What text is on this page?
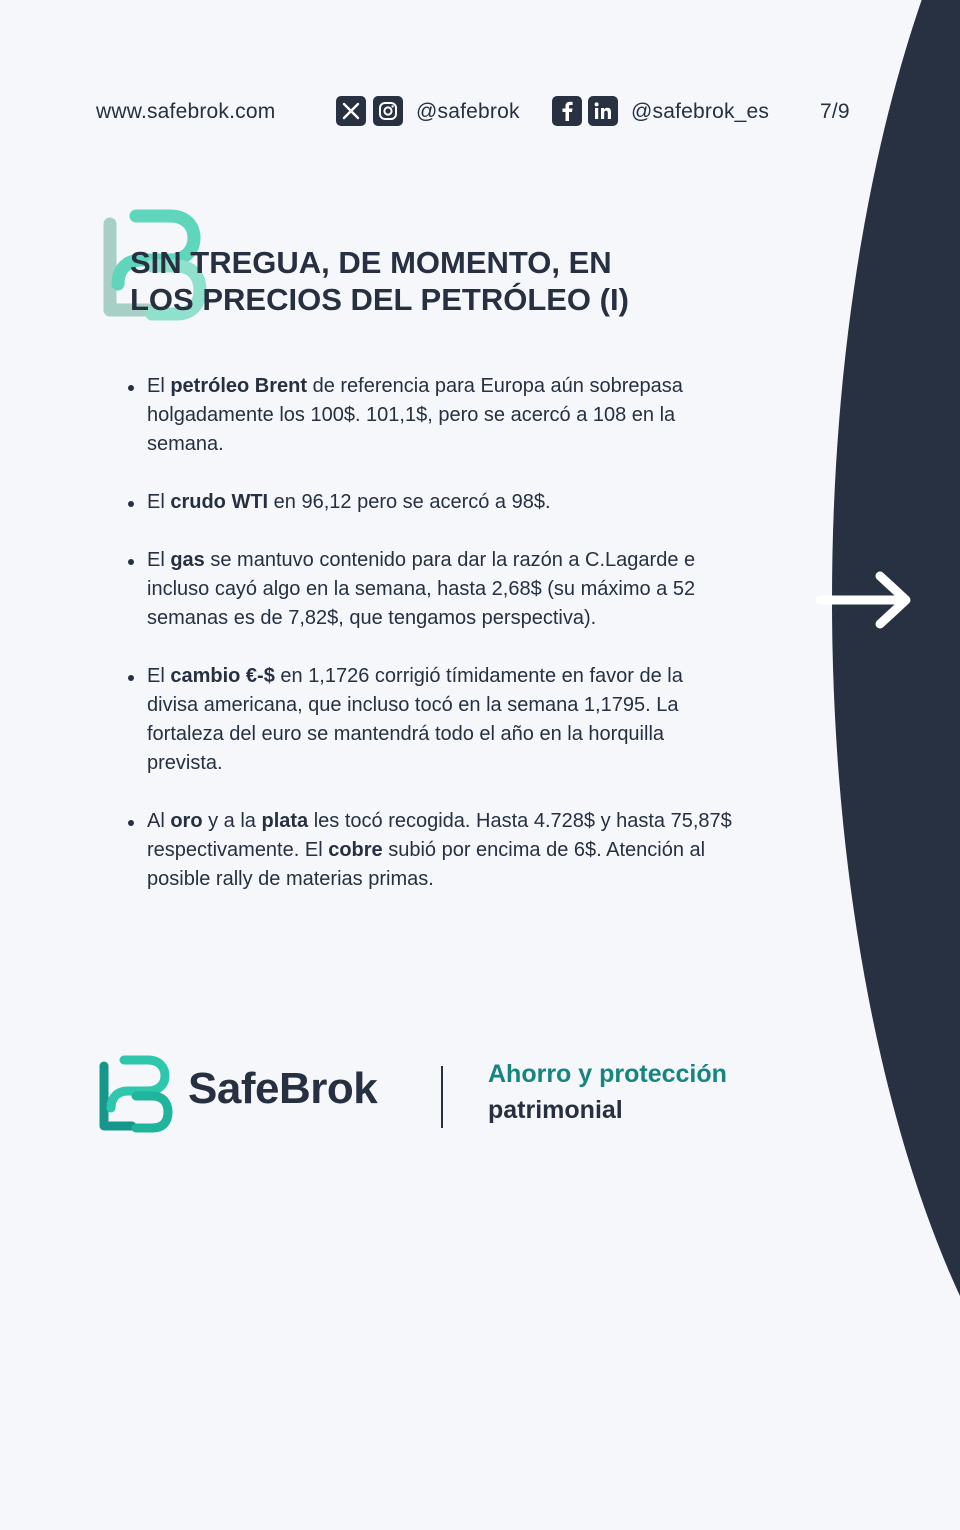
www.safebrok.com	@safebrok	@safebrok_es 7/9
SIN TREGUA, DE MOMENTO, EN
LOS PRECIOS DEL PETRÓLEO (I)
El petróleo Brent de referencia para Europa aún sobrepasa holgadamente los 100$. 101,1$, pero se acercó a 108 en la semana.
El crudo WTI en 96,12 pero se acercó a 98$.
El gas se mantuvo contenido para dar la razón a C.Lagarde e incluso cayó algo en la semana, hasta 2,68$ (su máximo a 52 semanas es de 7,82$, que tengamos perspectiva).
El cambio €-$ en 1,1726 corrigió tímidamente en favor de la divisa americana, que incluso tocó en la semana 1,1795. La fortaleza del euro se mantendrá todo el año en la horquilla prevista.
Al oro y a la plata les tocó recogida. Hasta 4.728$ y hasta 75,87$ respectivamente. El cobre subió por encima de 6$. Atención al posible rally de materias primas.
SafeBrok	Ahorro y protección
patrimonial
